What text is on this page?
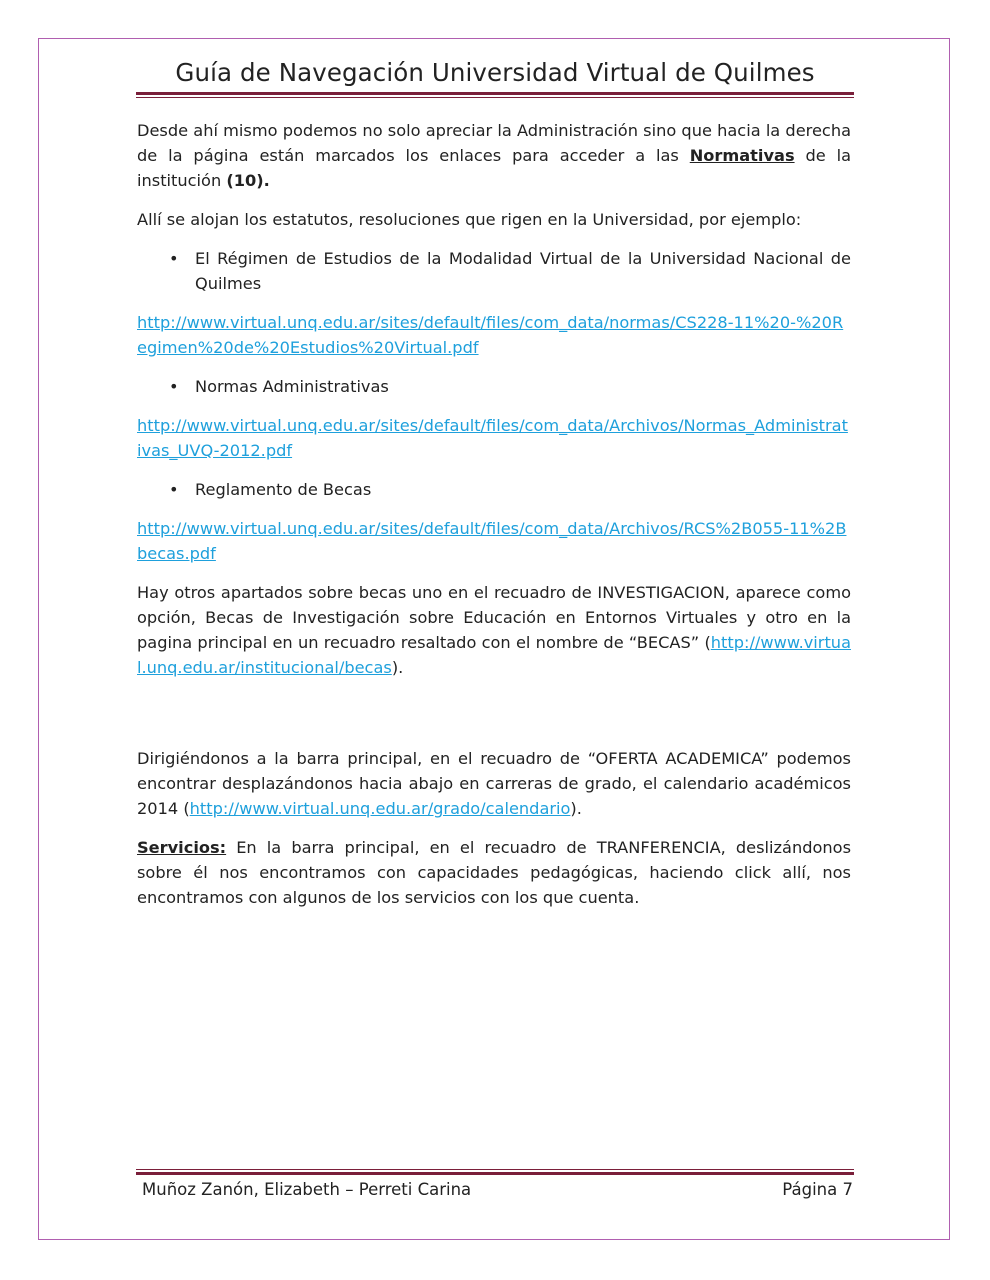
Guía de Navegación Universidad Virtual de Quilmes

Desde ahí mismo podemos no solo apreciar la Administración sino que hacia la derecha de la página están marcados los enlaces para acceder a las Normativas de la institución (10).

Allí se alojan los estatutos, resoluciones que rigen en la Universidad, por ejemplo:

• El Régimen de Estudios de la Modalidad Virtual de la Universidad Nacional de Quilmes

http://www.virtual.unq.edu.ar/sites/default/files/com_data/normas/CS228-11%20-%20Regimen%20de%20Estudios%20Virtual.pdf

• Normas Administrativas

http://www.virtual.unq.edu.ar/sites/default/files/com_data/Archivos/Normas_Administrativas_UVQ-2012.pdf

• Reglamento de Becas

http://www.virtual.unq.edu.ar/sites/default/files/com_data/Archivos/RCS%2B055-11%2Bbecas.pdf

Hay otros apartados sobre becas uno en el recuadro de INVESTIGACION, aparece como opción, Becas de Investigación sobre Educación en Entornos Virtuales y otro en la pagina principal en un recuadro resaltado con el nombre de “BECAS” (http://www.virtual.unq.edu.ar/institucional/becas).

Dirigiéndonos a la barra principal, en el recuadro de “OFERTA ACADEMICA” podemos encontrar desplazándonos hacia abajo en carreras de grado, el calendario académicos 2014 (http://www.virtual.unq.edu.ar/grado/calendario).

Servicios: En la barra principal, en el recuadro de TRANFERENCIA, deslizándonos sobre él nos encontramos con capacidades pedagógicas, haciendo click allí, nos encontramos con algunos de los servicios con los que cuenta.

Muñoz Zanón, Elizabeth – Perreti Carina	Página 7
